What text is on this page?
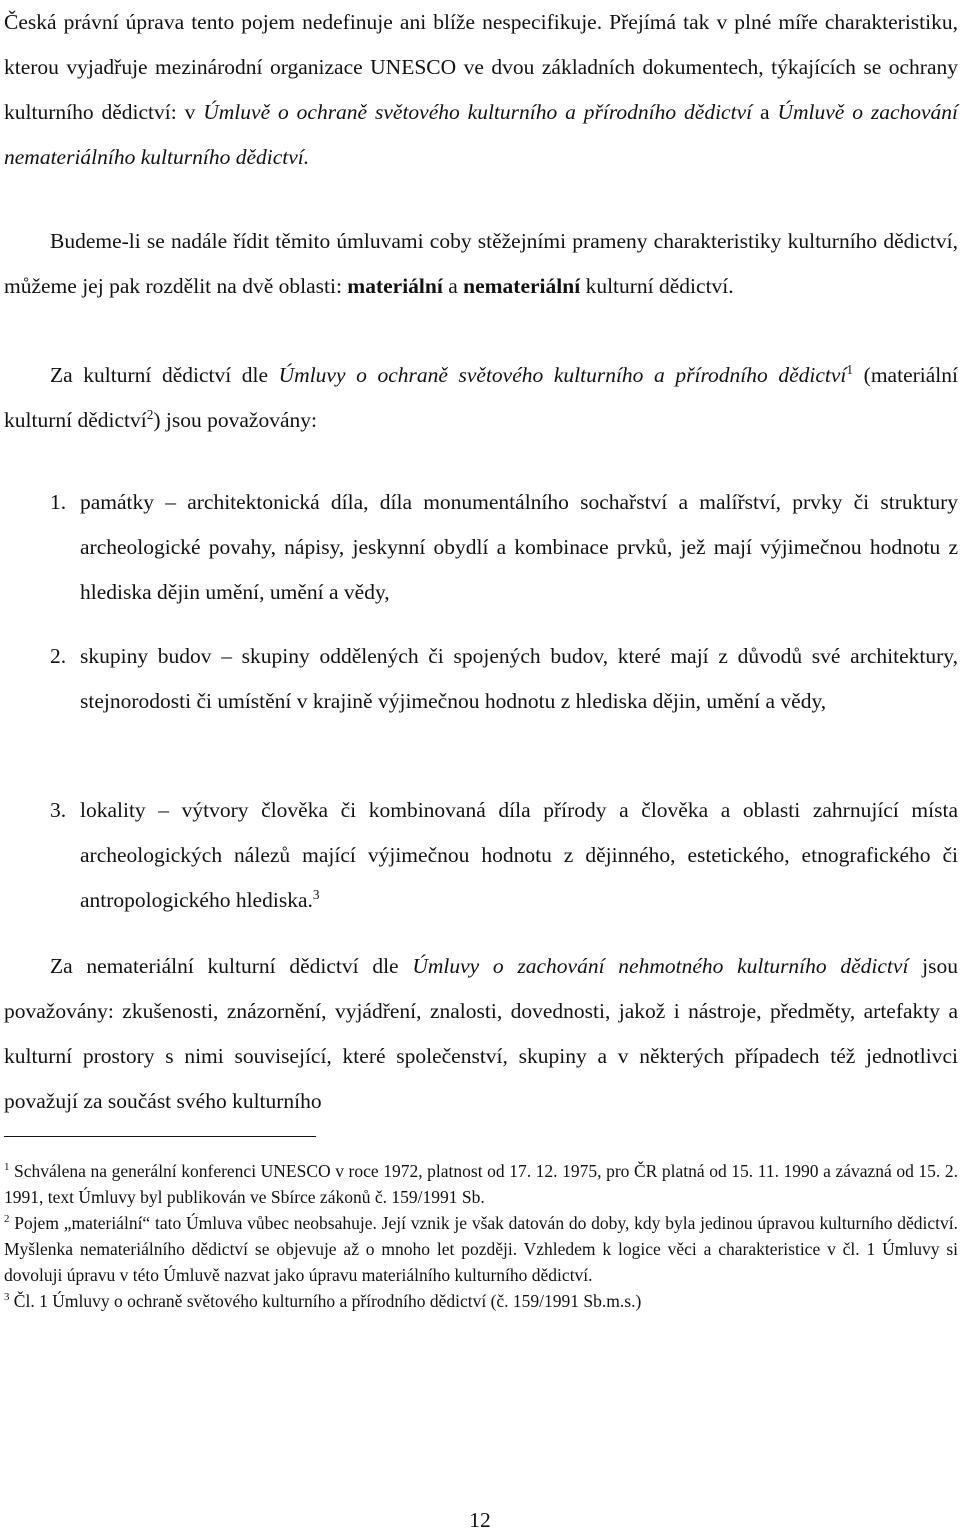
Česká právní úprava tento pojem nedefinuje ani blíže nespecifikuje. Přejímá tak v plné míře charakteristiku, kterou vyjadřuje mezinárodní organizace UNESCO ve dvou základních dokumentech, týkajících se ochrany kulturního dědictví: v Úmluvě o ochraně světového kulturního a přírodního dědictví a Úmluvě o zachování nemateriálního kulturního dědictví.

Budeme-li se nadále řídit těmito úmluvami coby stěžejními prameny charakteristiky kulturního dědictví, můžeme jej pak rozdělit na dvě oblasti: materiální a nemateriální kulturní dědictví.

Za kulturní dědictví dle Úmluvy o ochraně světového kulturního a přírodního dědictví$^1$ (materiální kulturní dědictví$^2$) jsou považovány:

1. památky – architektonická díla, díla monumentálního sochařství a malířství, prvky či struktury archeologické povahy, nápisy, jeskynní obydlí a kombinace prvků, jež mají výjimečnou hodnotu z hlediska dějin umění, umění a vědy,
2. skupiny budov – skupiny oddělených či spojených budov, které mají z důvodů své architektury, stejnorodosti či umístění v krajině výjimečnou hodnotu z hlediska dějin, umění a vědy,
3. lokality – výtvory člověka či kombinovaná díla přírody a člověka a oblasti zahrnující místa archeologických nálezů mající výjimečnou hodnotu z dějinného, estetického, etnografického či antropologického hlediska.$^3$

Za nemateriální kulturní dědictví dle Úmluvy o zachování nehmotného kulturního dědictví jsou považovány: zkušenosti, znázornění, vyjádření, znalosti, dovednosti, jakož i nástroje, předměty, artefakty a kulturní prostory s nimi související, které společenství, skupiny a v některých případech též jednotlivci považují za součást svého kulturního

$^1$ Schválena na generální konferenci UNESCO v roce 1972, platnost od 17. 12. 1975, pro ČR platná od 15. 11. 1990 a závazná od 15. 2. 1991, text Úmluvy byl publikován ve Sbírce zákonů č. 159/1991 Sb.

$^2$ Pojem „materiální“ tato Úmluva vůbec neobsahuje. Její vznik je však datován do doby, kdy byla jedinou úpravou kulturního dědictví. Myšlenka nemateriálního dědictví se objevuje až o mnoho let později. Vzhledem k logice věci a charakteristice v čl. 1 Úmluvy si dovoluji úpravu v této Úmluvě nazvat jako úpravu materiálního kulturního dědictví.

$^3$ Čl. 1 Úmluvy o ochraně světového kulturního a přírodního dědictví (č. 159/1991 Sb.m.s.)

12
